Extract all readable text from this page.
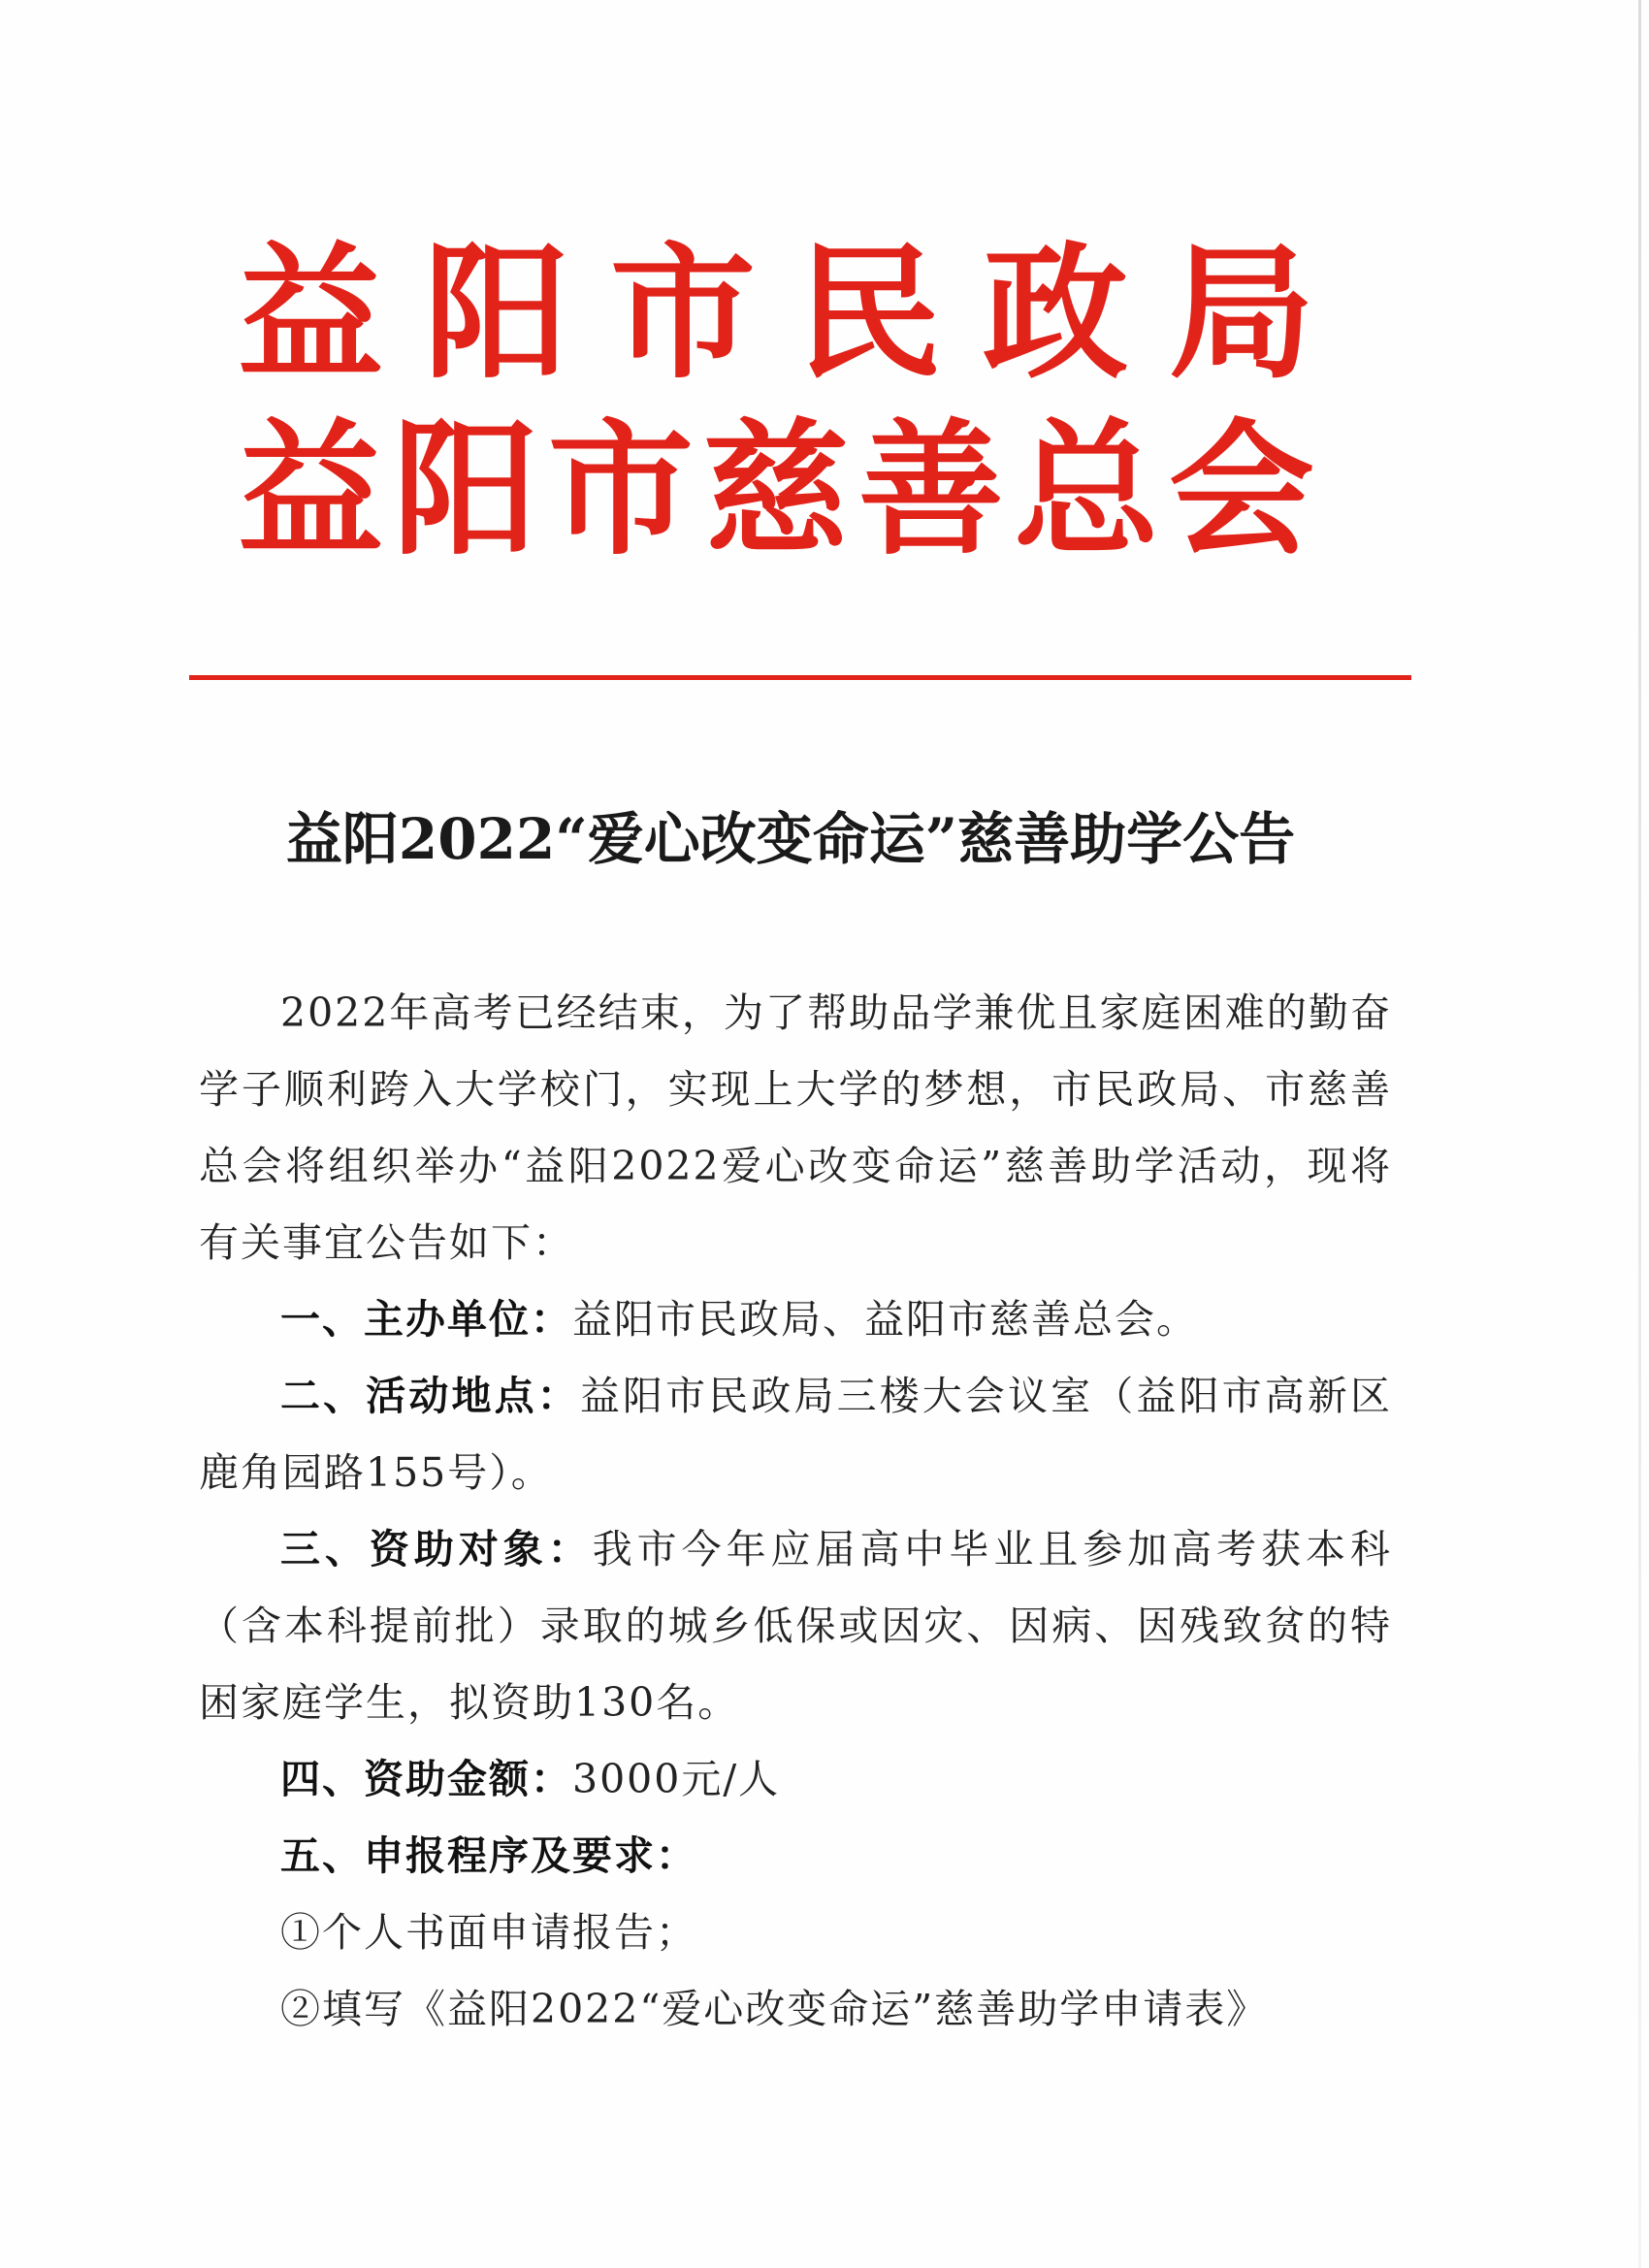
益 阳 市 民 政 局
益 阳 市 慈 善 总 会
益阳2022“爱心改变命运”慈善助学公告

2022年高考已经结束，为了帮助品学兼优且家庭困难的勤奋学子顺利跨入大学校门，实现上大学的梦想，市民政局、市慈善总会将组织举办“益阳2022爱心改变命运”慈善助学活动，现将有关事宜公告如下：

一、主办单位：益阳市民政局、益阳市慈善总会。

二、活动地点：益阳市民政局三楼大会议室（益阳市高新区鹿角园路155号）。

三、资助对象：我市今年应届高中毕业且参加高考获本科（含本科提前批）录取的城乡低保或因灾、因病、因残致贫的特困家庭学生，拟资助130名。

四、资助金额：3000元/人

五、申报程序及要求：

①个人书面申请报告；

②填写《益阳2022“爱心改变命运”慈善助学申请表》
